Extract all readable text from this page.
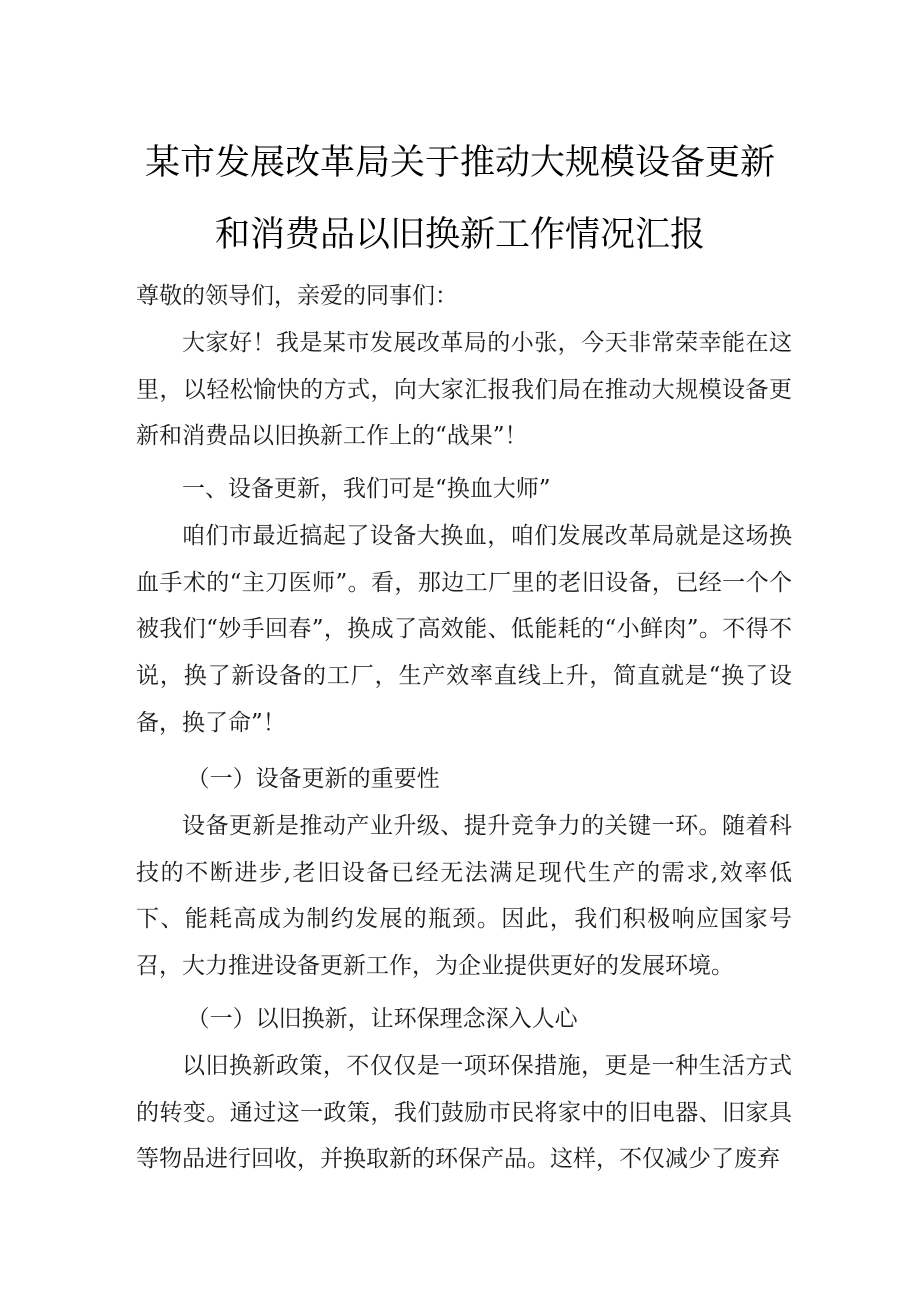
某市发展改革局关于推动大规模设备更新
和消费品以旧换新工作情况汇报
尊敬的领导们，亲爱的同事们：
大家好！我是某市发展改革局的小张，今天非常荣幸能在这里，以轻松愉快的方式，向大家汇报我们局在推动大规模设备更新和消费品以旧换新工作上的“战果”！
一、设备更新，我们可是“换血大师”
咱们市最近搞起了设备大换血，咱们发展改革局就是这场换血手术的“主刀医师”。看，那边工厂里的老旧设备，已经一个个被我们“妙手回春”，换成了高效能、低能耗的“小鲜肉”。不得不说，换了新设备的工厂，生产效率直线上升，简直就是“换了设备，换了命”！
（一）设备更新的重要性
设备更新是推动产业升级、提升竞争力的关键一环。随着科技的不断进步,老旧设备已经无法满足现代生产的需求,效率低下、能耗高成为制约发展的瓶颈。因此，我们积极响应国家号召，大力推进设备更新工作，为企业提供更好的发展环境。
（一）以旧换新，让环保理念深入人心
以旧换新政策，不仅仅是一项环保措施，更是一种生活方式的转变。通过这一政策，我们鼓励市民将家中的旧电器、旧家具等物品进行回收，并换取新的环保产品。这样，不仅减少了废弃
